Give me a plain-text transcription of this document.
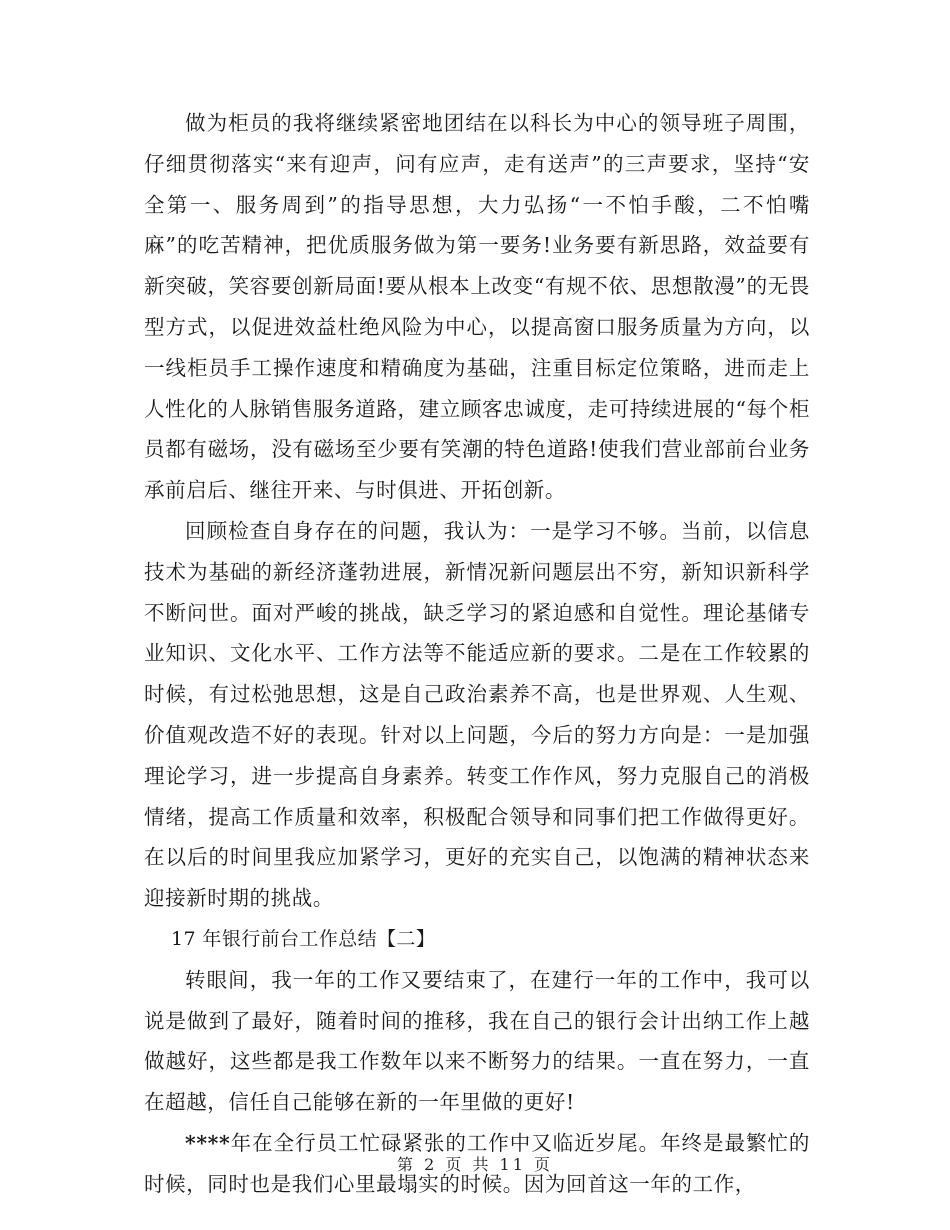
做为柜员的我将继续紧密地团结在以科长为中心的领导班子周围，仔细贯彻落实“来有迎声，问有应声，走有送声”的三声要求，坚持“安全第一、服务周到”的指导思想，大力弘扬“一不怕手酸，二不怕嘴麻”的吃苦精神，把优质服务做为第一要务!业务要有新思路，效益要有新突破，笑容要创新局面!要从根本上改变“有规不依、思想散漫”的无畏型方式，以促进效益杜绝风险为中心，以提高窗口服务质量为方向，以一线柜员手工操作速度和精确度为基础，注重目标定位策略，进而走上人性化的人脉销售服务道路，建立顾客忠诚度，走可持续进展的“每个柜员都有磁场，没有磁场至少要有笑潮的特色道路!使我们营业部前台业务承前启后、继往开来、与时俱进、开拓创新。

回顾检查自身存在的问题，我认为：一是学习不够。当前，以信息技术为基础的新经济蓬勃进展，新情况新问题层出不穷，新知识新科学不断问世。面对严峻的挑战，缺乏学习的紧迫感和自觉性。理论基储专业知识、文化水平、工作方法等不能适应新的要求。二是在工作较累的时候，有过松弛思想，这是自己政治素养不高，也是世界观、人生观、价值观改造不好的表现。针对以上问题，今后的努力方向是：一是加强理论学习，进一步提高自身素养。转变工作作风，努力克服自己的消极情绪，提高工作质量和效率，积极配合领导和同事们把工作做得更好。在以后的时间里我应加紧学习，更好的充实自己，以饱满的精神状态来迎接新时期的挑战。

17 年银行前台工作总结【二】

转眼间，我一年的工作又要结束了，在建行一年的工作中，我可以说是做到了最好，随着时间的推移，我在自己的银行会计出纳工作上越做越好，这些都是我工作数年以来不断努力的结果。一直在努力，一直在超越，信任自己能够在新的一年里做的更好!

****年在全行员工忙碌紧张的工作中又临近岁尾。年终是最繁忙的时候，同时也是我们心里最塌实的时候。因为回首这一年的工作，

第 2 页 共 11 页
